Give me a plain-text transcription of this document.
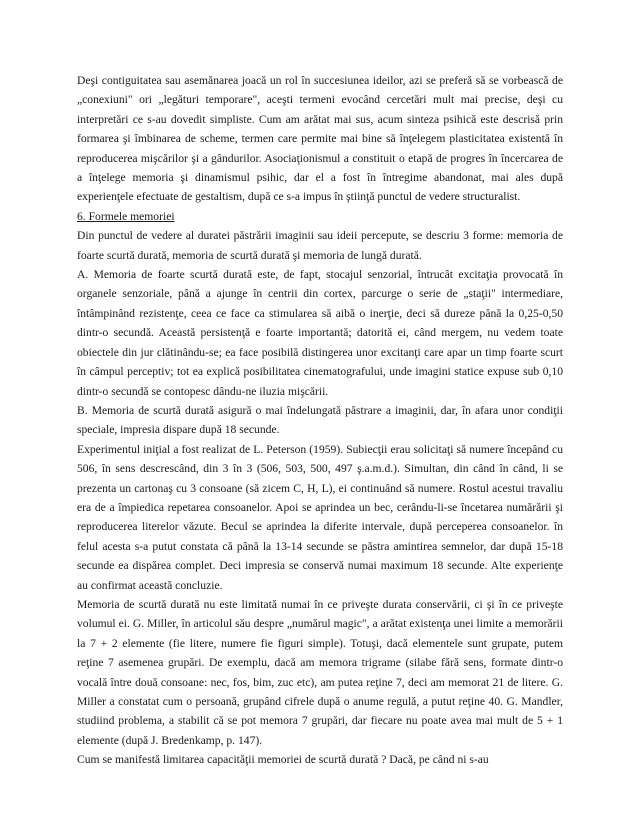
Deşi contiguitatea sau asemănarea joacă un rol în succesiunea ideilor, azi se preferă să se vorbească de „conexiuni" ori „legături temporare", aceşti termeni evocând cercetări mult mai precise, deşi cu interpretări ce s-au dovedit simpliste. Cum am arătat mai sus, acum sinteza psihică este descrisă prin formarea şi îmbinarea de scheme, termen care permite mai bine să înţelegem plasticitatea existentă în reproducerea mişcărilor şi a gândurilor. Asociaţionismul a constituit o etapă de progres în încercarea de a înţelege memoria şi dinamismul psihic, dar el a fost în întregime abandonat, mai ales după experienţele efectuate de gestaltism, după ce s-a impus în ştiinţă punctul de vedere structuralist.

6. Formele memoriei

Din punctul de vedere al duratei păstrării imaginii sau ideii percepute, se descriu 3 forme: memoria de foarte scurtă durată, memoria de scurtă durată şi memoria de lungă durată.

A. Memoria de foarte scurtă durată este, de fapt, stocajul senzorial, întrucât excitaţia provocată în organele senzoriale, până a ajunge în centrii din cortex, parcurge o serie de „staţii" intermediare, întâmpinând rezistenţe, ceea ce face ca stimularea să aibă o inerţie, deci să dureze până la 0,25-0,50 dintr-o secundă. Această persistenţă e foarte importantă; datorită ei, când mergem, nu vedem toate obiectele din jur clătinându-se; ea face posibilă distingerea unor excitanţi care apar un timp foarte scurt în câmpul perceptiv; tot ea explică posibilitatea cinematografului, unde imagini statice expuse sub 0,10 dintr-o secundă se contopesc dându-ne iluzia mişcării.

B. Memoria de scurtă durată asigură o mai îndelungată păstrare a imaginii, dar, în afara unor condiţii speciale, impresia dispare după 18 secunde.

Experimentul iniţial a fost realizat de L. Peterson (1959). Subiecţii erau solicitaţi să numere începând cu 506, în sens descrescând, din 3 în 3 (506, 503, 500, 497 ş.a.m.d.). Simultan, din când în când, li se prezenta un cartonaş cu 3 consoane (să zicem C, H, L), ei continuând să numere. Rostul acestui travaliu era de a împiedica repetarea consoanelor. Apoi se aprindea un bec, cerându-li-se încetarea numărării şi reproducerea literelor văzute. Becul se aprindea la diferite intervale, după perceperea consoanelor. în felul acesta s-a putut constata că până la 13-14 secunde se păstra amintirea semnelor, dar după 15-18 secunde ea dispărea complet. Deci impresia se conservă numai maximum 18 secunde. Alte experienţe au confirmat această concluzie.

Memoria de scurtă durată nu este limitată numai în ce priveşte durata conservării, ci şi în ce priveşte volumul ei. G. Miller, în articolul său despre „numărul magic", a arătat existenţa unei limite a memorării la 7 + 2 elemente (fie litere, numere fie figuri simple). Totuşi, dacă elementele sunt grupate, putem reţine 7 asemenea grupări. De exemplu, dacă am memora trigrame (silabe fără sens, formate dintr-o vocală între două consoane: nec, fos, bim, zuc etc), am putea reţine 7, deci am memorat 21 de litere. G. Miller a constatat cum o persoană, grupând cifrele după o anume regulă, a putut reţine 40. G. Mandler, studiind problema, a stabilit că se pot memora 7 grupări, dar fiecare nu poate avea mai mult de 5 + 1 elemente (după J. Bredenkamp, p. 147).

Cum se manifestă limitarea capacităţii memoriei de scurtă durată ? Dacă, pe când ni s-au
